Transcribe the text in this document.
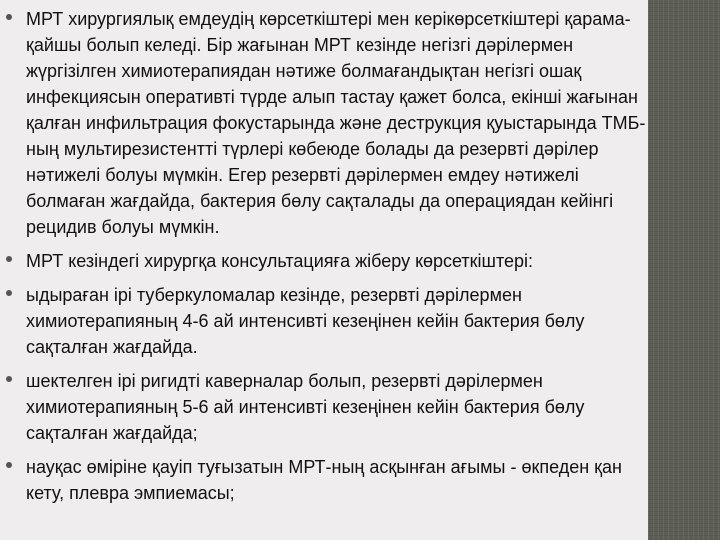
МРТ хирургиялық емдеудің көрсеткіштері мен керікөрсеткіштері қарама-қайшы болып келеді. Бір жағынан МРТ кезінде негізгі дәрілермен жүргізілген химиотерапиядан нәтиже болмағандықтан негізгі ошақ инфекциясын оперативті түрде алып тастау қажет болса, екінші жағынан қалған инфильтрация фокустарында және деструкция қуыстарында ТМБ-ның мультирезистентті түрлері көбеюде болады да резервті дәрілер нәтижелі болуы мүмкін. Егер резервті дәрілермен емдеу нәтижелі болмаған жағдайда, бактерия бөлу сақталады да операциядан кейінгі рецидив болуы мүмкін.
МРТ кезіндегі хирургқа консультацияға жіберу көрсеткіштері:
ыдыраған ірі туберкуломалар кезінде, резервті дәрілермен химиотерапияның 4-6 ай интенсивті кезеңінен кейін бактерия бөлу сақталған жағдайда.
шектелген ірі ригидті каверналар болып, резервті дәрілермен химиотерапияның 5-6 ай интенсивті кезеңінен кейін бактерия бөлу сақталған жағдайда;
науқас өміріне қауіп туғызатын МРТ-ның асқынған ағымы - өкпеден қан кету, плевра эмпиемасы;
